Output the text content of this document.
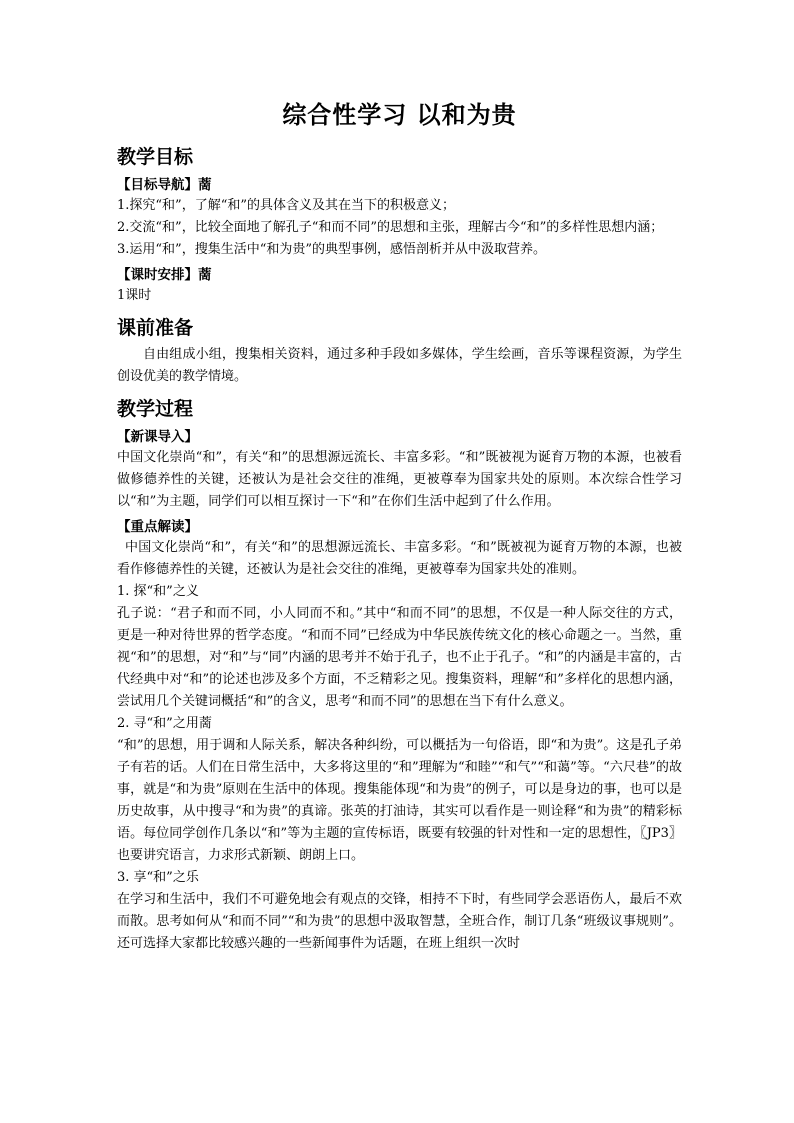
综合性学习 以和为贵
教学目标
【目标导航】蔐

1.探究“和”，了解“和”的具体含义及其在当下的积极意义；

2.交流“和”，比较全面地了解孔子“和而不同”的思想和主张，理解古今“和”的多样性思想内涵；

3.运用“和”，搜集生活中“和为贵”的典型事例，感悟剖析并从中汲取营养。

【课时安排】蔐

1课时

课前准备

自由组成小组，搜集相关资料，通过多种手段如多媒体，学生绘画，音乐等课程资源，为学生创设优美的教学情境。

教学过程
【新课导入】

中国文化崇尚“和”，有关“和”的思想源远流长、丰富多彩。“和”既被视为诞育万物的本源，也被看做修德养性的关键，还被认为是社会交往的准绳，更被尊奉为国家共处的原则。本次综合性学习以“和”为主题，同学们可以相互探讨一下“和”在你们生活中起到了什么作用。

【重点解读】

中国文化崇尚“和”，有关“和”的思想源远流长、丰富多彩。“和”既被视为诞育万物的本源，也被看作修德养性的关键，还被认为是社会交往的准绳，更被尊奉为国家共处的准则。

1. 探“和”之义

孔子说：“君子和而不同，小人同而不和。”其中“和而不同”的思想，不仅是一种人际交往的方式，更是一种对待世界的哲学态度。“和而不同”已经成为中华民族传统文化的核心命题之一。当然，重视“和”的思想，对“和”与“同”内涵的思考并不始于孔子，也不止于孔子。“和”的内涵是丰富的，古代经典中对“和”的论述也涉及多个方面，不乏精彩之见。搜集资料，理解“和”多样化的思想内涵，尝试用几个关键词概括“和”的含义，思考“和而不同”的思想在当下有什么意义。

2. 寻“和”之用蔐

“和”的思想，用于调和人际关系，解决各种纠纷，可以概括为一句俗语，即“和为贵”。这是孔子弟子有若的话。人们在日常生活中，大多将这里的“和”理解为“和睦”“和气”“和蔼”等。“六尺巷”的故事，就是“和为贵”原则在生活中的体现。搜集能体现“和为贵”的例子，可以是身边的事，也可以是历史故事，从中搜寻“和为贵”的真谛。张英的打油诗，其实可以看作是一则诠释“和为贵”的精彩标语。每位同学创作几条以“和”等为主题的宣传标语，既要有较强的针对性和一定的思想性，〖JP3〗也要讲究语言，力求形式新颖、朗朗上口。

3. 享“和”之乐

在学习和生活中，我们不可避免地会有观点的交锋，相持不下时，有些同学会恶语伤人，最后不欢而散。思考如何从“和而不同”“和为贵”的思想中汲取智慧，全班合作，制订几条“班级议事规则”。还可选择大家都比较感兴趣的一些新闻事件为话题，在班上组织一次时
